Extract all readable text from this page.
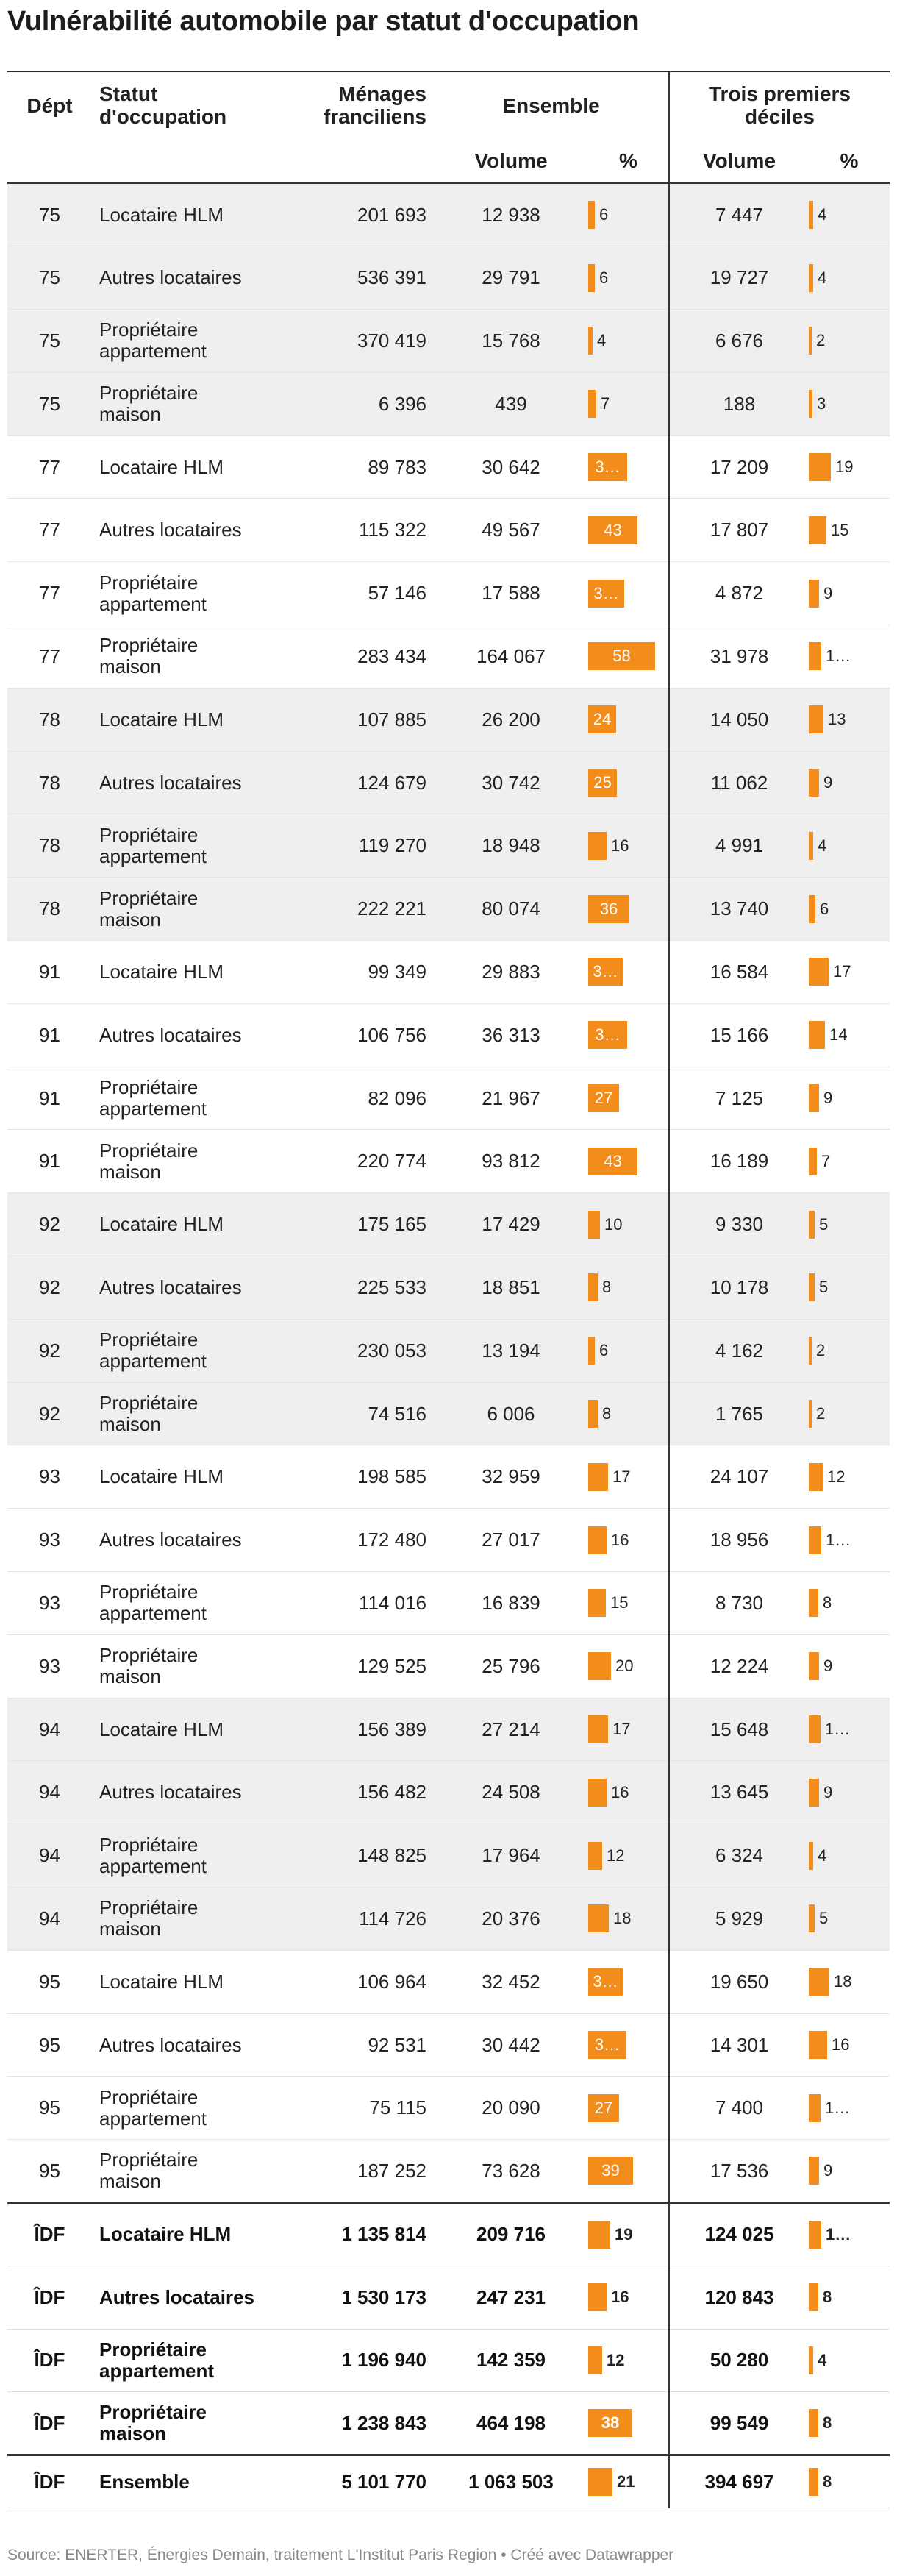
Vulnérabilité automobile par statut d'occupation
Dépt	Statut d'occupation	Ménages franciliens	Ensemble		Trois premiers déciles	
			Volume	%	Volume	%
75	Locataire HLM	201 693	12 938	6	7 447	4

75	Autres locataires	536 391	29 791	6	19 727	4

75	Propriétaire appartement	370 419	15 768	4	6 676	2

75	Propriétaire maison	6 396	439	7	188	3

77	Locataire HLM	89 783	30 642	3…	17 209	19

77	Autres locataires	115 322	49 567	43	17 807	15

77	Propriétaire appartement	57 146	17 588	3…	4 872	9

77	Propriétaire maison	283 434	164 067	58	31 978	1…

78	Locataire HLM	107 885	26 200	24	14 050	13

78	Autres locataires	124 679	30 742	25	11 062	9

78	Propriétaire appartement	119 270	18 948	16	4 991	4

78	Propriétaire maison	222 221	80 074	36	13 740	6

91	Locataire HLM	99 349	29 883	3…	16 584	17

91	Autres locataires	106 756	36 313	3…	15 166	14

91	Propriétaire appartement	82 096	21 967	27	7 125	9

91	Propriétaire maison	220 774	93 812	43	16 189	7

92	Locataire HLM	175 165	17 429	10	9 330	5

92	Autres locataires	225 533	18 851	8	10 178	5

92	Propriétaire appartement	230 053	13 194	6	4 162	2

92	Propriétaire maison	74 516	6 006	8	1 765	2

93	Locataire HLM	198 585	32 959	17	24 107	12

93	Autres locataires	172 480	27 017	16	18 956	1…

93	Propriétaire appartement	114 016	16 839	15	8 730	8

93	Propriétaire maison	129 525	25 796	20	12 224	9

94	Locataire HLM	156 389	27 214	17	15 648	1…

94	Autres locataires	156 482	24 508	16	13 645	9

94	Propriétaire appartement	148 825	17 964	12	6 324	4

94	Propriétaire maison	114 726	20 376	18	5 929	5

95	Locataire HLM	106 964	32 452	3…	19 650	18

95	Autres locataires	92 531	30 442	3…	14 301	16

95	Propriétaire appartement	75 115	20 090	27	7 400	1…

95	Propriétaire maison	187 252	73 628	39	17 536	9

ÎDF	Locataire HLM	1 135 814	209 716	19	124 025	1…

ÎDF	Autres locataires	1 530 173	247 231	16	120 843	8

ÎDF	Propriétaire appartement	1 196 940	142 359	12	50 280	4

ÎDF	Propriétaire maison	1 238 843	464 198	38	99 549	8

ÎDF	Ensemble	5 101 770	1 063 503	21	394 697	8
Source: ENERTER, Énergies Demain, traitement L'Institut Paris Region • Créé avec Datawrapper
